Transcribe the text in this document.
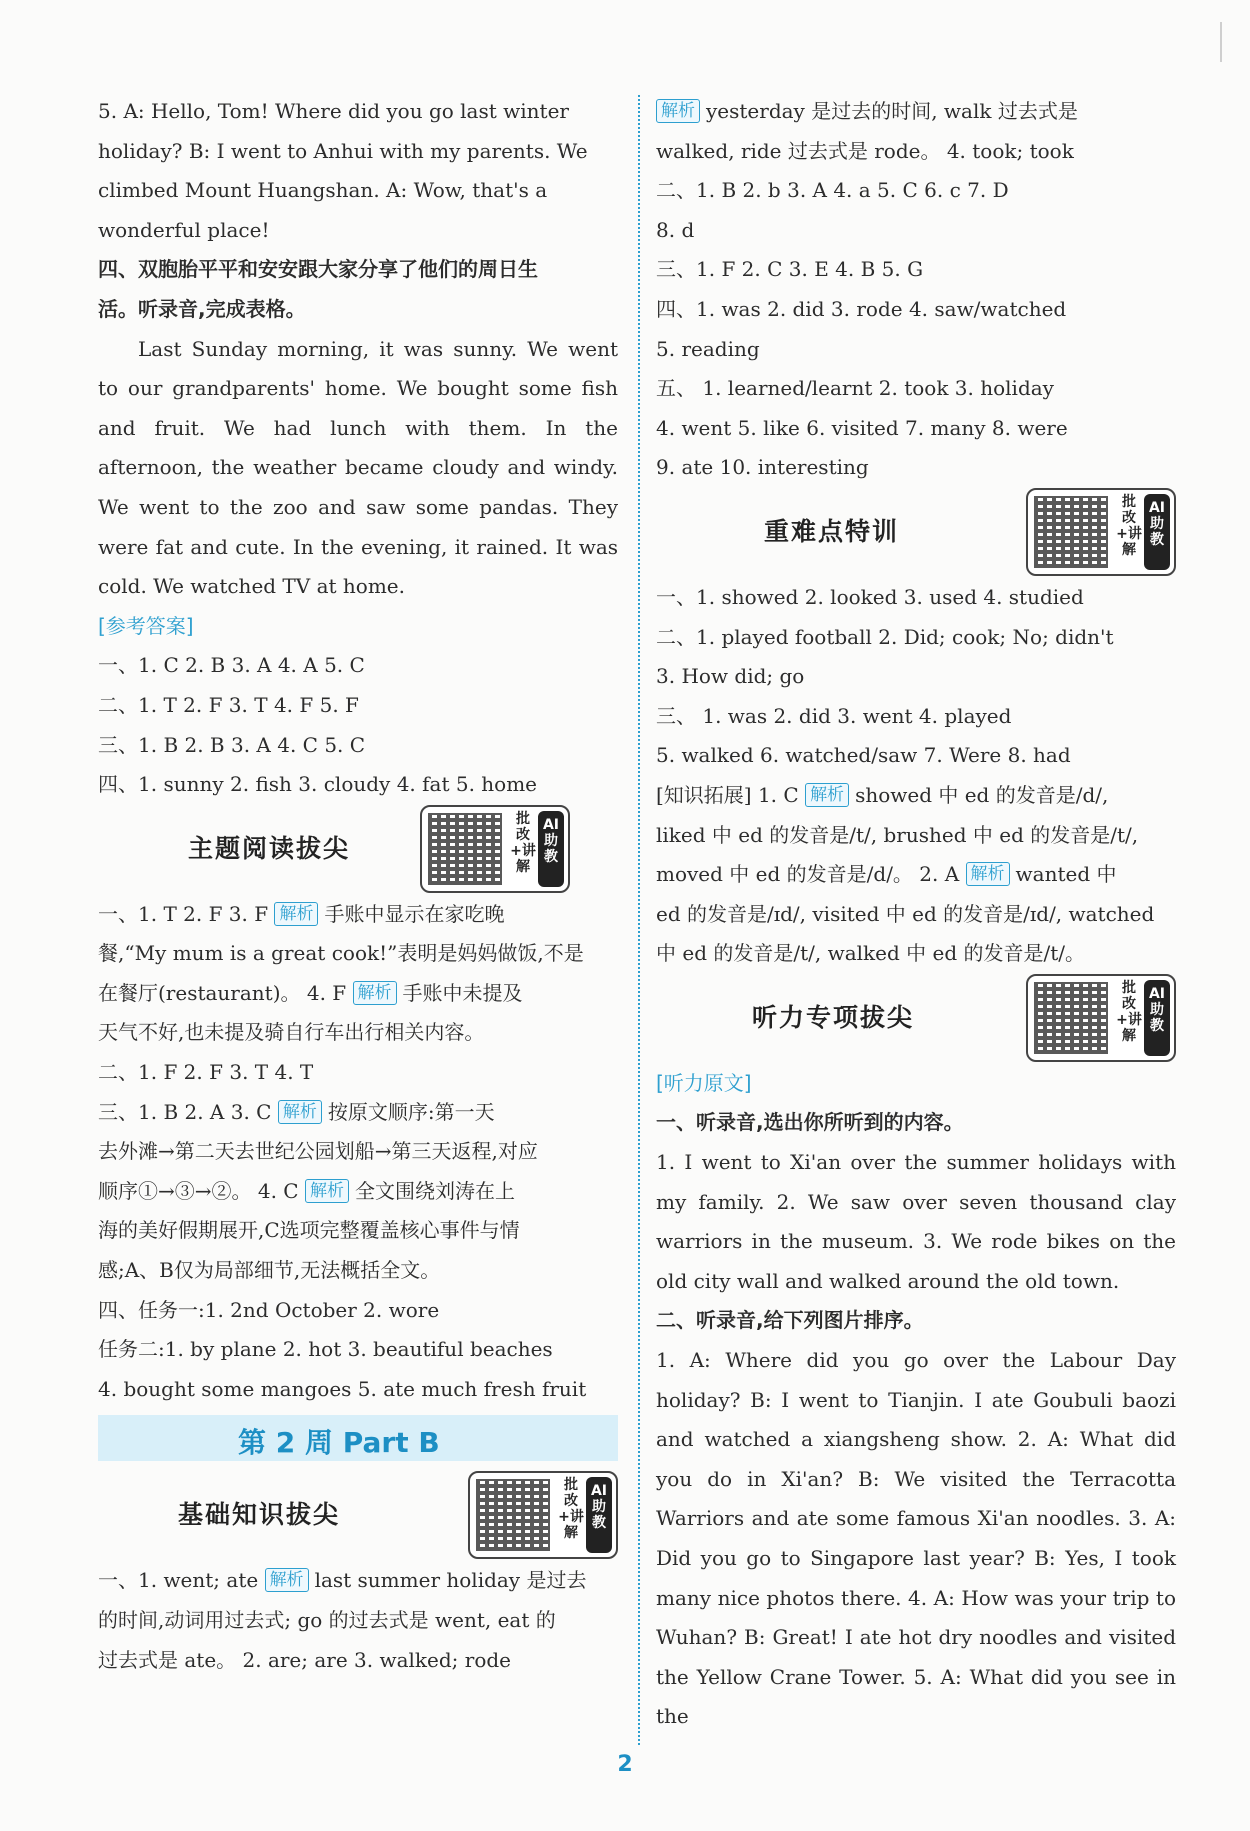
5. A: Hello, Tom! Where did you go last winter
holiday? B: I went to Anhui with my parents. We
climbed Mount Huangshan. A: Wow, that's a
wonderful place!
四、双胞胎平平和安安跟大家分享了他们的周日生
活。听录音,完成表格。
Last Sunday morning, it was sunny. We went to our grandparents' home. We bought some fish and fruit. We had lunch with them. In the afternoon, the weather became cloudy and windy. We went to the zoo and saw some pandas. They were fat and cute. In the evening, it rained. It was cold. We watched TV at home.
[参考答案]
一、1. C 2. B 3. A 4. A 5. C
二、1. T 2. F 3. T 4. F 5. F
三、1. B 2. B 3. A 4. C 5. C
四、1. sunny 2. fish 3. cloudy 4. fat 5. home
主题阅读拔尖
批改+讲解
AI助教
一、1. T 2. F 3. F 解析 手账中显示在家吃晚
餐,“My mum is a great cook!”表明是妈妈做饭,不是
在餐厅(restaurant)。 4. F 解析 手账中未提及
天气不好,也未提及骑自行车出行相关内容。
二、1. F 2. F 3. T 4. T
三、1. B 2. A 3. C 解析 按原文顺序:第一天
去外滩→第二天去世纪公园划船→第三天返程,对应
顺序①→③→②。 4. C 解析 全文围绕刘涛在上
海的美好假期展开,C选项完整覆盖核心事件与情
感;A、B仅为局部细节,无法概括全文。
四、任务一:1. 2nd October 2. wore
任务二:1. by plane 2. hot 3. beautiful beaches
4. bought some mangoes 5. ate much fresh fruit
第 2 周 Part B
基础知识拔尖
批改+讲解
AI助教
一、1. went; ate 解析 last summer holiday 是过去
的时间,动词用过去式; go 的过去式是 went, eat 的
过去式是 ate。 2. are; are 3. walked; rode
解析 yesterday 是过去的时间, walk 过去式是
walked, ride 过去式是 rode。 4. took; took
二、1. B 2. b 3. A 4. a 5. C 6. c 7. D
8. d
三、1. F 2. C 3. E 4. B 5. G
四、1. was 2. did 3. rode 4. saw/watched
5. reading
五、 1. learned/learnt 2. took 3. holiday
4. went 5. like 6. visited 7. many 8. were
9. ate 10. interesting
重难点特训
批改+讲解
AI助教
一、1. showed 2. looked 3. used 4. studied
二、1. played football 2. Did; cook; No; didn't
3. How did; go
三、 1. was 2. did 3. went 4. played
5. walked 6. watched/saw 7. Were 8. had
[知识拓展] 1. C 解析 showed 中 ed 的发音是/d/,
liked 中 ed 的发音是/t/, brushed 中 ed 的发音是/t/,
moved 中 ed 的发音是/d/。 2. A 解析 wanted 中
ed 的发音是/ɪd/, visited 中 ed 的发音是/ɪd/, watched
中 ed 的发音是/t/, walked 中 ed 的发音是/t/。
听力专项拔尖
批改+讲解
AI助教
[听力原文]
一、听录音,选出你所听到的内容。
1. I went to Xi'an over the summer holidays with my family. 2. We saw over seven thousand clay warriors in the museum. 3. We rode bikes on the old city wall and walked around the old town.
二、听录音,给下列图片排序。
1. A: Where did you go over the Labour Day holiday? B: I went to Tianjin. I ate Goubuli baozi and watched a xiangsheng show. 2. A: What did you do in Xi'an? B: We visited the Terracotta Warriors and ate some famous Xi'an noodles. 3. A: Did you go to Singapore last year? B: Yes, I took many nice photos there. 4. A: How was your trip to Wuhan? B: Great! I ate hot dry noodles and visited the Yellow Crane Tower. 5. A: What did you see in the
2
